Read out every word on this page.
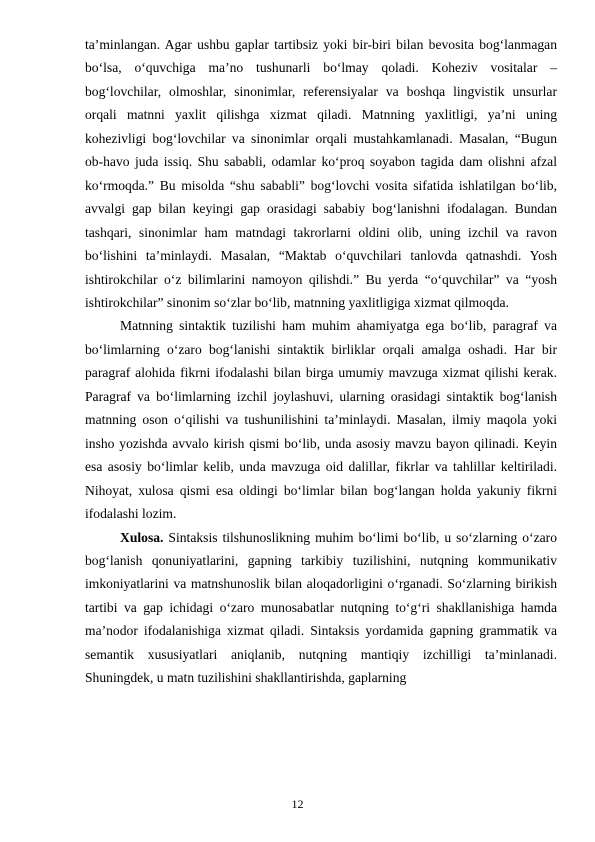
ta’minlangan. Agar ushbu gaplar tartibsiz yoki bir-biri bilan bevosita bog‘lanmagan bo‘lsa, o‘quvchiga ma’no tushunarli bo‘lmay qoladi. Koheziv vositalar – bog‘lovchilar, olmoshlar, sinonimlar, referensiyalar va boshqa lingvistik unsurlar orqali matnni yaxlit qilishga xizmat qiladi. Matnning yaxlitligi, ya’ni uning kohezivligi bog‘lovchilar va sinonimlar orqali mustahkamlanadi. Masalan, “Bugun ob-havo juda issiq. Shu sababli, odamlar ko‘proq soyabon tagida dam olishni afzal ko‘rmoqda.” Bu misolda “shu sababli” bog‘lovchi vosita sifatida ishlatilgan bo‘lib, avvalgi gap bilan keyingi gap orasidagi sababiy bog‘lanishni ifodalagan. Bundan tashqari, sinonimlar ham matndagi takrorlarni oldini olib, uning izchil va ravon bo‘lishini ta’minlaydi. Masalan, “Maktab o‘quvchilari tanlovda qatnashdi. Yosh ishtirokchilar o‘z bilimlarini namoyon qilishdi.” Bu yerda “o‘quvchilar” va “yosh ishtirokchilar” sinonim so‘zlar bo‘lib, matnning yaxlitligiga xizmat qilmoqda.

Matnning sintaktik tuzilishi ham muhim ahamiyatga ega bo‘lib, paragraf va bo‘limlarning o‘zaro bog‘lanishi sintaktik birliklar orqali amalga oshadi. Har bir paragraf alohida fikrni ifodalashi bilan birga umumiy mavzuga xizmat qilishi kerak. Paragraf va bo‘limlarning izchil joylashuvi, ularning orasidagi sintaktik bog‘lanish matnning oson o‘qilishi va tushunilishini ta’minlaydi. Masalan, ilmiy maqola yoki insho yozishda avvalo kirish qismi bo‘lib, unda asosiy mavzu bayon qilinadi. Keyin esa asosiy bo‘limlar kelib, unda mavzuga oid dalillar, fikrlar va tahlillar keltiriladi. Nihoyat, xulosa qismi esa oldingi bo‘limlar bilan bog‘langan holda yakuniy fikrni ifodalashi lozim.

Xulosa. Sintaksis tilshunoslikning muhim bo‘limi bo‘lib, u so‘zlarning o‘zaro bog‘lanish qonuniyatlarini, gapning tarkibiy tuzilishini, nutqning kommunikativ imkoniyatlarini va matnshunoslik bilan aloqadorligini o‘rganadi. So‘zlarning birikish tartibi va gap ichidagi o‘zaro munosabatlar nutqning to‘g‘ri shakllanishiga hamda ma’nodor ifodalanishiga xizmat qiladi. Sintaksis yordamida gapning grammatik va semantik xususiyatlari aniqlanib, nutqning mantiqiy izchilligi ta’minlanadi. Shuningdek, u matn tuzilishini shakllantirishda, gaplarning

12
